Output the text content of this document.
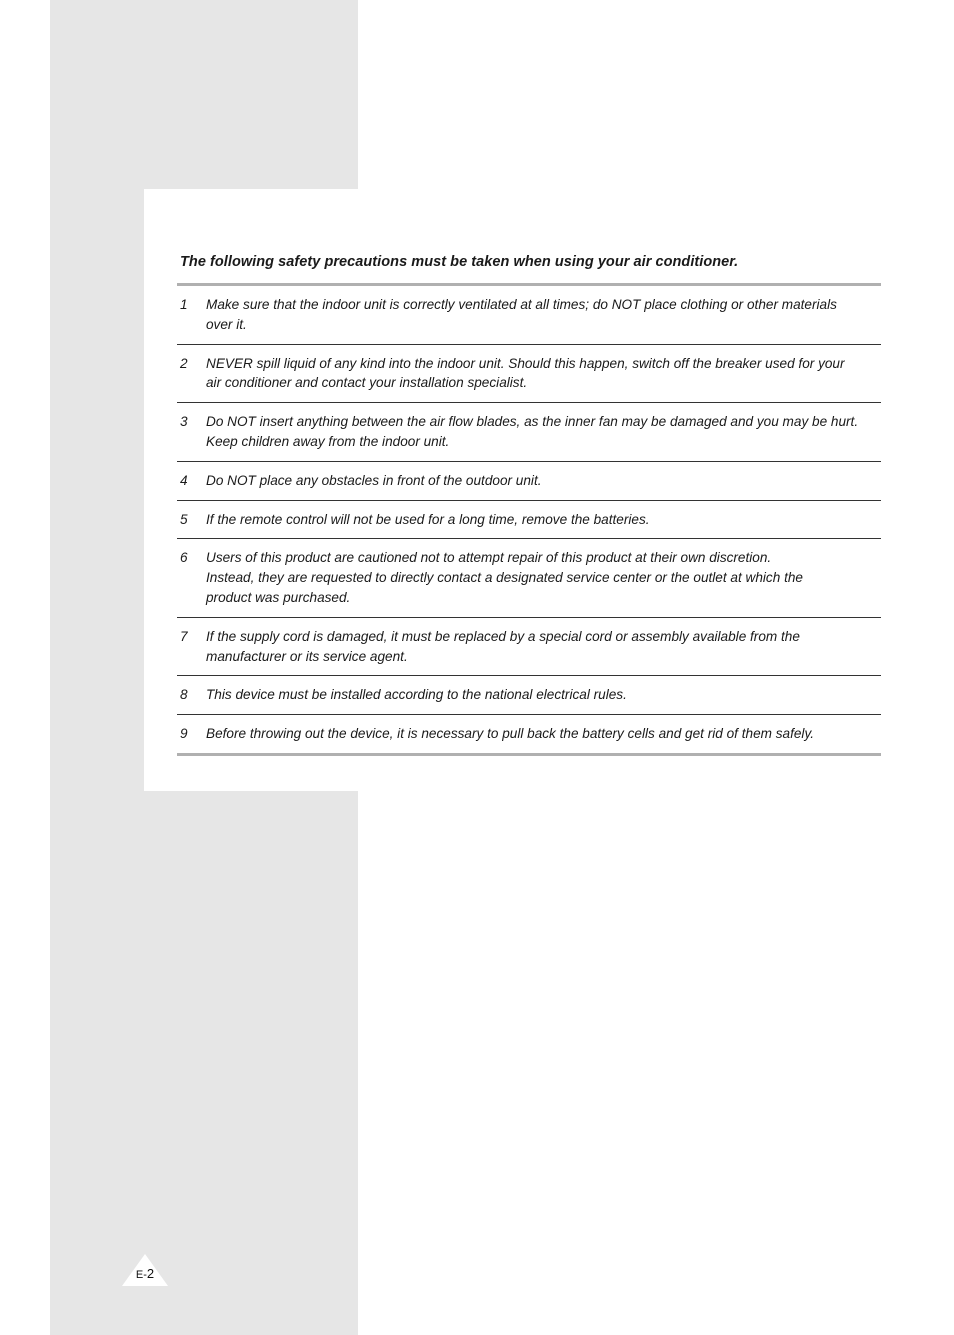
The following safety precautions must be taken when using your air conditioner.

1	Make sure that the indoor unit is correctly ventilated at all times; do NOT place clothing or other materials
over it.
2	NEVER spill liquid of any kind into the indoor unit. Should this happen, switch off the breaker used for your
air conditioner and contact your installation specialist.
3	Do NOT insert anything between the air flow blades, as the inner fan may be damaged and you may be hurt.
Keep children away from the indoor unit.
4	Do NOT place any obstacles in front of the outdoor unit.
5	If the remote control will not be used for a long time, remove the batteries.
6	Users of this product are cautioned not to attempt repair of this product at their own discretion.
Instead, they are requested to directly contact a designated service center or the outlet at which the
product was purchased.
7	If the supply cord is damaged, it must be replaced by a special cord or assembly available from the
manufacturer or its service agent.
8	This device must be installed according to the national electrical rules.
9	Before throwing out the device, it is necessary to pull back the battery cells and get rid of them safely.
E-2
